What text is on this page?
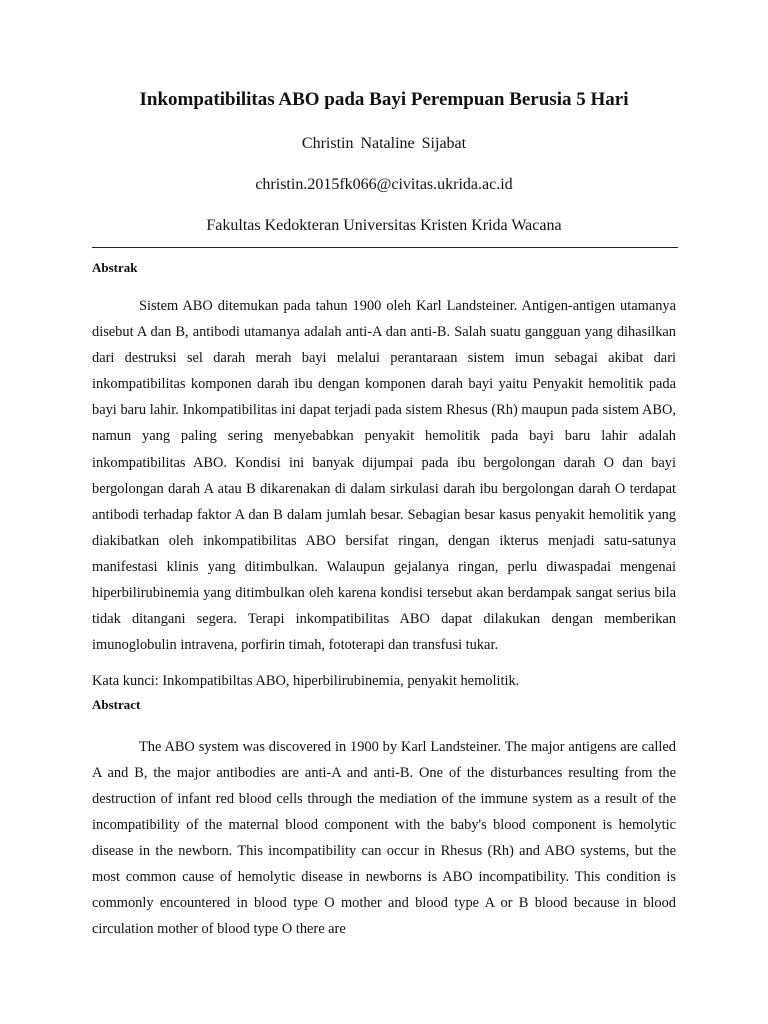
Inkompatibilitas ABO pada Bayi Perempuan Berusia 5 Hari

Christin Nataline Sijabat

christin.2015fk066@civitas.ukrida.ac.id

Fakultas Kedokteran Universitas Kristen Krida Wacana

Abstrak

Sistem ABO ditemukan pada tahun 1900 oleh Karl Landsteiner. Antigen-antigen utamanya disebut A dan B, antibodi utamanya adalah anti-A dan anti-B. Salah suatu gangguan yang dihasilkan dari destruksi sel darah merah bayi melalui perantaraan sistem imun sebagai akibat dari inkompatibilitas komponen darah ibu dengan komponen darah bayi yaitu Penyakit hemolitik pada bayi baru lahir. Inkompatibilitas ini dapat terjadi pada sistem Rhesus (Rh) maupun pada sistem ABO, namun yang paling sering menyebabkan penyakit hemolitik pada bayi baru lahir adalah inkompatibilitas ABO. Kondisi ini banyak dijumpai pada ibu bergolongan darah O dan bayi bergolongan darah A atau B dikarenakan di dalam sirkulasi darah ibu bergolongan darah O terdapat antibodi terhadap faktor A dan B dalam jumlah besar. Sebagian besar kasus penyakit hemolitik yang diakibatkan oleh inkompatibilitas ABO bersifat ringan, dengan ikterus menjadi satu-satunya manifestasi klinis yang ditimbulkan. Walaupun gejalanya ringan, perlu diwaspadai mengenai hiperbilirubinemia yang ditimbulkan oleh karena kondisi tersebut akan berdampak sangat serius bila tidak ditangani segera. Terapi inkompatibilitas ABO dapat dilakukan dengan memberikan imunoglobulin intravena, porfirin timah, fototerapi dan transfusi tukar.

Kata kunci: Inkompatibiltas ABO, hiperbilirubinemia, penyakit hemolitik.

Abstract

The ABO system was discovered in 1900 by Karl Landsteiner. The major antigens are called A and B, the major antibodies are anti-A and anti-B. One of the disturbances resulting from the destruction of infant red blood cells through the mediation of the immune system as a result of the incompatibility of the maternal blood component with the baby's blood component is hemolytic disease in the newborn. This incompatibility can occur in Rhesus (Rh) and ABO systems, but the most common cause of hemolytic disease in newborns is ABO incompatibility. This condition is commonly encountered in blood type O mother and blood type A or B blood because in blood circulation mother of blood type O there are
